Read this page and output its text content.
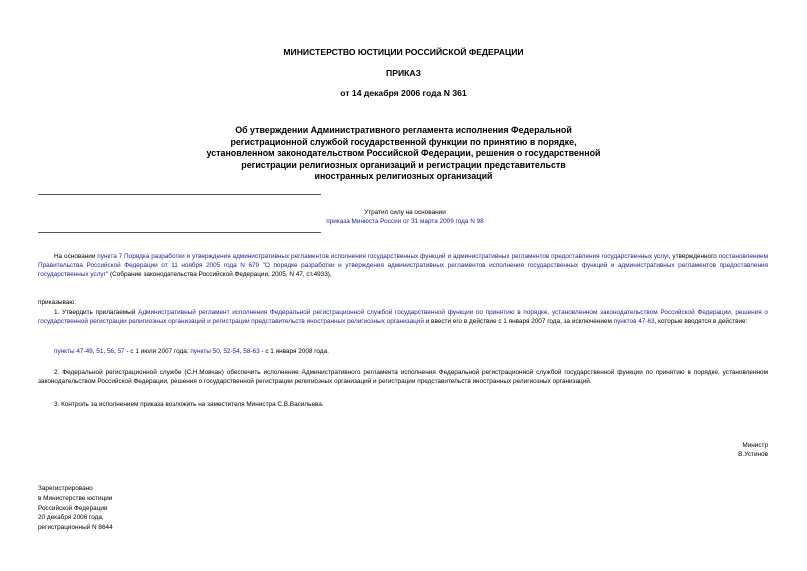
МИНИСТЕРСТВО ЮСТИЦИИ РОССИЙСКОЙ ФЕДЕРАЦИИ
ПРИКАЗ
от 14 декабря 2006 года N 361
Об утверждении Административного регламента исполнения Федеральной
регистрационной службой государственной функции по принятию в порядке,
установленном законодательством Российской Федерации, решения о государственной
регистрации религиозных организаций и регистрации представительств
иностранных религиозных организаций
Утратил силу на основании
приказа Минюста России от 31 марта 2009 года N 98
На основании пункта 7 Порядка разработки и утверждения административных регламентов исполнения государственных функций и административных регламентов предоставления государственных услуг, утвержденного постановлением Правительства Российской Федерации от 11 ноября 2005 года N 679 "О порядке разработки и утверждения административных регламентов исполнения государственных функций и административных регламентов предоставления государственных услуг" (Собрание законодательства Российской Федерации, 2005, N 47, ст.4933),
приказываю:
1. Утвердить прилагаемый Административный регламент исполнения Федеральной регистрационной службой государственной функции по принятию в порядке, установленном законодательством Российской Федерации, решения о государственной регистрации религиозных организаций и регистрации представительств иностранных религиозных организаций и ввести его в действие с 1 января 2007 года, за исключением пунктов 47-63, которые вводятся в действие:
пункты 47-49, 51, 56, 57 - с 1 июля 2007 года; пункты 50, 52-54, 58-63 - с 1 января 2008 года.
2. Федеральной регистрационной службе (С.Н.Мовчан) обеспечить исполнение Административного регламента исполнения Федеральной регистрационной службой государственной функции по принятию в порядке, установленном законодательством Российской Федерации, решения о государственной регистрации религиозных организаций и регистрации представительств иностранных религиозных организаций.
3. Контроль за исполнением приказа возложить на заместителя Министра С.В.Васильева.
Министр
В.Устинов
Зарегистрировано
в Министерстве юстиции
Российской Федерации
20 декабря 2006 года,
регистрационный N 8644
